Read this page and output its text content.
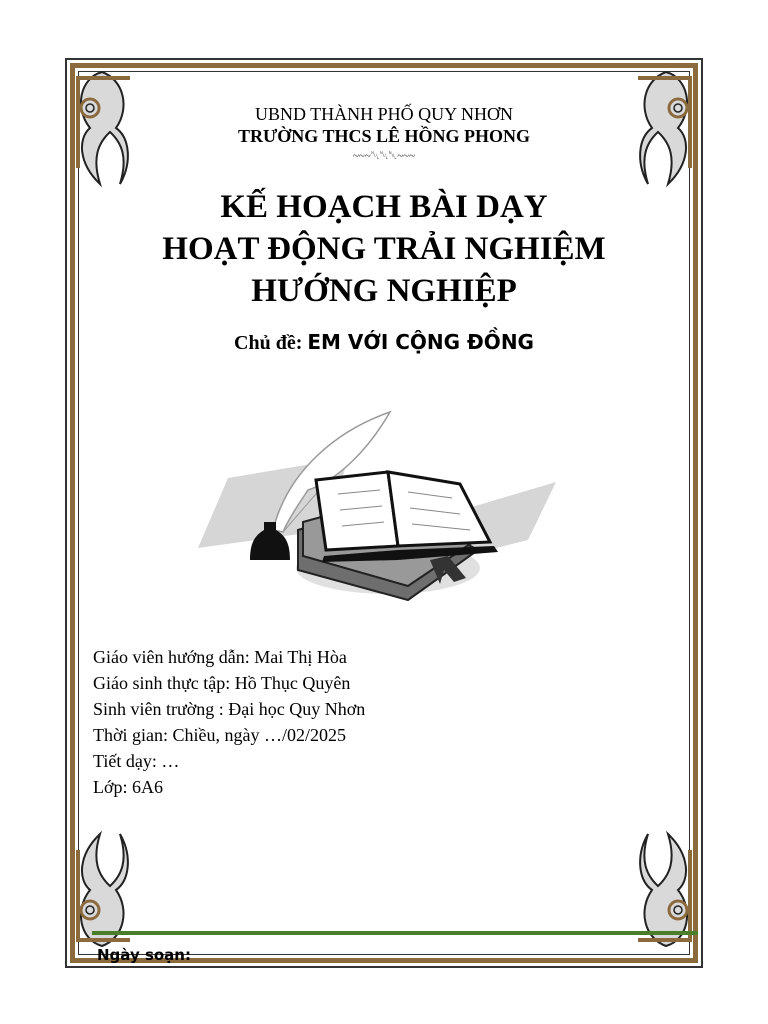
UBND THÀNH PHỐ QUY NHƠN
TRƯỜNG THCS LÊ HỒNG PHONG
~~~␀␀␀~~~
KẾ HOẠCH BÀI DẠY
HOẠT ĐỘNG TRẢI NGHIỆM
HƯỚNG NGHIỆP
Chủ đề: EM VỚI CỘNG ĐỒNG
Giáo viên hướng dẫn: Mai Thị Hòa
Giáo sinh thực tập: Hồ Thục Quyên
Sinh viên trường : Đại học Quy Nhơn
Thời gian: Chiều, ngày …/02/2025
Tiết dạy: …
Lớp: 6A6
Ngày soạn:
